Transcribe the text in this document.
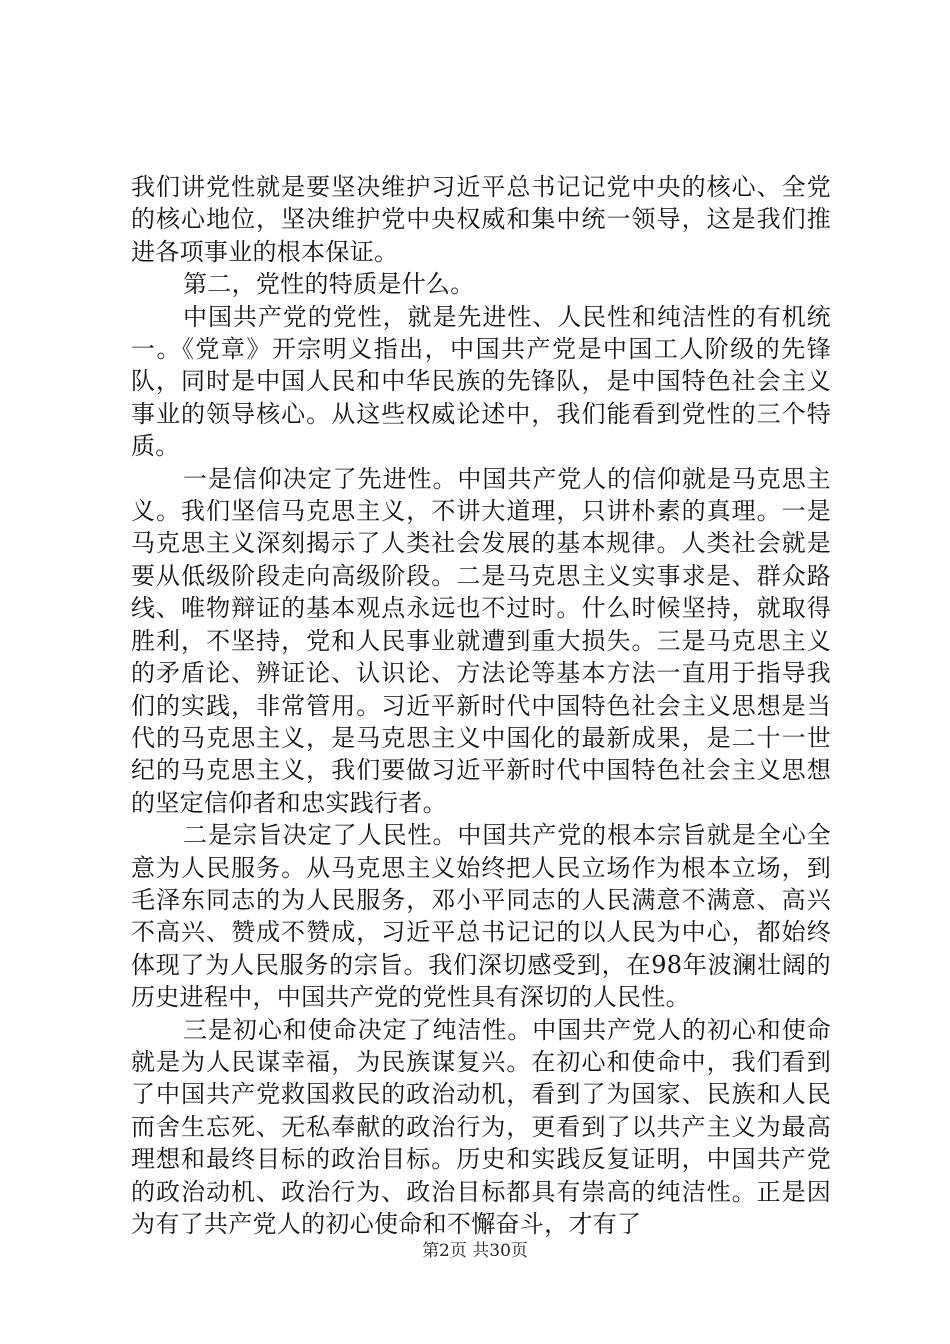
我们讲党性就是要坚决维护习近平总书记记党中央的核心、全党的核心地位，坚决维护党中央权威和集中统一领导，这是我们推进各项事业的根本保证。

第二，党性的特质是什么。

中国共产党的党性，就是先进性、人民性和纯洁性的有机统一。《党章》开宗明义指出，中国共产党是中国工人阶级的先锋队，同时是中国人民和中华民族的先锋队，是中国特色社会主义事业的领导核心。从这些权威论述中，我们能看到党性的三个特质。

一是信仰决定了先进性。中国共产党人的信仰就是马克思主义。我们坚信马克思主义，不讲大道理，只讲朴素的真理。一是马克思主义深刻揭示了人类社会发展的基本规律。人类社会就是要从低级阶段走向高级阶段。二是马克思主义实事求是、群众路线、唯物辩证的基本观点永远也不过时。什么时候坚持，就取得胜利，不坚持，党和人民事业就遭到重大损失。三是马克思主义的矛盾论、辨证论、认识论、方法论等基本方法一直用于指导我们的实践，非常管用。习近平新时代中国特色社会主义思想是当代的马克思主义，是马克思主义中国化的最新成果，是二十一世纪的马克思主义，我们要做习近平新时代中国特色社会主义思想的坚定信仰者和忠实践行者。

二是宗旨决定了人民性。中国共产党的根本宗旨就是全心全意为人民服务。从马克思主义始终把人民立场作为根本立场，到毛泽东同志的为人民服务，邓小平同志的人民满意不满意、高兴不高兴、赞成不赞成，习近平总书记记的以人民为中心，都始终体现了为人民服务的宗旨。我们深切感受到，在98年波澜壮阔的历史进程中，中国共产党的党性具有深切的人民性。

三是初心和使命决定了纯洁性。中国共产党人的初心和使命就是为人民谋幸福，为民族谋复兴。在初心和使命中，我们看到了中国共产党救国救民的政治动机，看到了为国家、民族和人民而舍生忘死、无私奉献的政治行为，更看到了以共产主义为最高理想和最终目标的政治目标。历史和实践反复证明，中国共产党的政治动机、政治行为、政治目标都具有崇高的纯洁性。正是因为有了共产党人的初心使命和不懈奋斗，才有了

第2页 共30页
